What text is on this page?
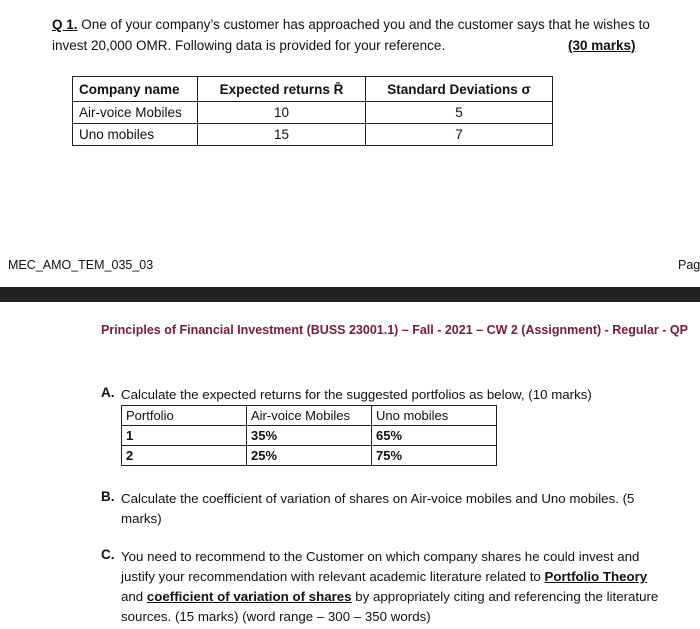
Q 1. One of your company’s customer has approached you and the customer says that he wishes to
invest 20,000 OMR. Following data is provided for your reference.	(30 marks)
Company name	Expected returns R̄	Standard Deviations σ
Air-voice Mobiles	10	5
Uno mobiles	15	7
MEC_AMO_TEM_035_03	Pag
Principles of Financial Investment (BUSS 23001.1) – Fall - 2021 – CW 2 (Assignment) - Regular - QP
A. Calculate the expected returns for the suggested portfolios as below, (10 marks)
Portfolio	Air-voice Mobiles	Uno mobiles
1	35%	65%
2	25%	75%
B. Calculate the coefficient of variation of shares on Air-voice mobiles and Uno mobiles. (5
marks)
C. You need to recommend to the Customer on which company shares he could invest and
justify your recommendation with relevant academic literature related to Portfolio Theory
and coefficient of variation of shares by appropriately citing and referencing the literature
sources. (15 marks) (word range – 300 – 350 words)
